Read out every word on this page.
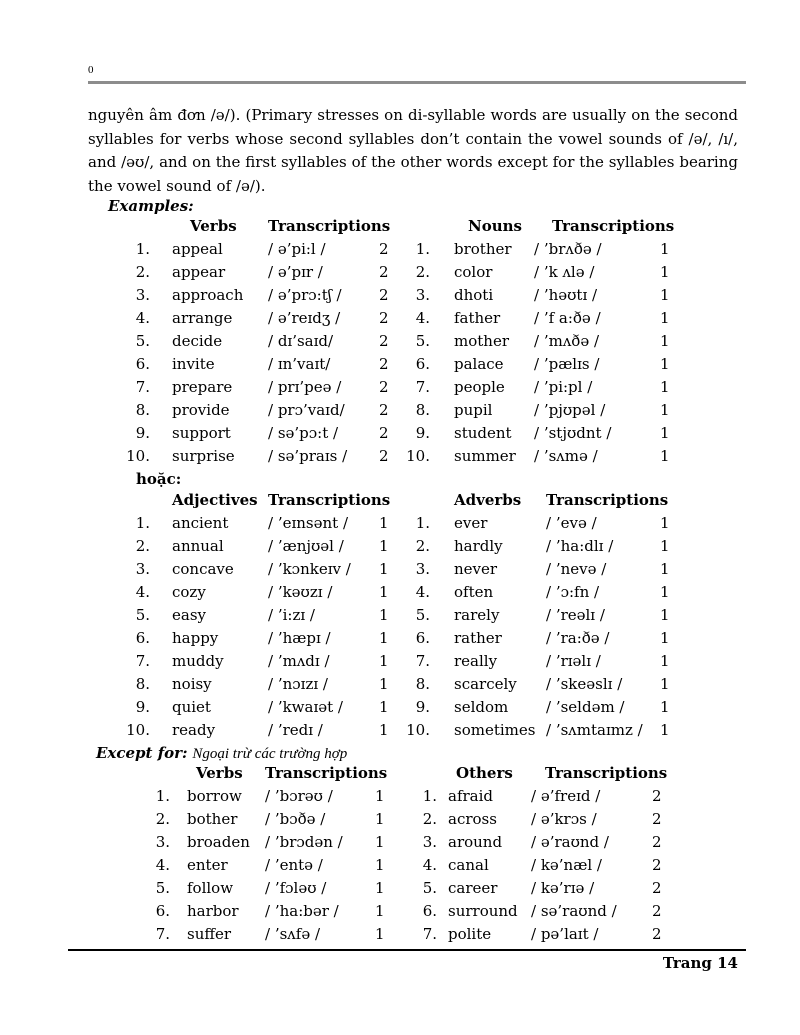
0
nguyên âm đơn /ə/). (Primary stresses on di-syllable words are usually on the second syllables for verbs whose second syllables don’t contain the vowel sounds of /ə/, /ı/, and /əʊ/, and on the first syllables of the other words except for the syllables bearing the vowel sound of /ə/).
Examples:
Verbs Transcriptions	Nouns Transcriptions
1. appeal	/ ə’pi:l /	2	1. brother / ’brʌðə /	1
2. appear	/ ə’pɪr /	2	2. color	/ ’k ʌlə /	1
3. approach / ə’prɔ:tʃ / 2	3. dhoti	/ ’həʊtɪ /	1
4. arrange / ə’reɪdʒ /	2	4. father / ’f a:ðə /	1
5. decide	/ dɪ’saɪd/	2	5. mother / ’mʌðə /	1
6. invite	/ ɪn’vaɪt/	2	6. palace / ’pælɪs /	1
7. prepare / prɪ’peə /	2	7. people / ’pi:pl /	1
8. provide	/ prɔ’vaɪd/ 2	8. pupil	/ ’pjʊpəl /	1
9. support / sə’pɔ:t /	2	9. student / ’stjʊdnt /	1
10. surprise / sə’praɪs / 2	10. summer / ’sʌmə /	1
hoặc:
Adjectives Transcriptions	Adverbs Transcriptions
1. ancient	/ ’eɪnsənt / 1	1. ever	/ ’evə /	1
2. annual	/ ’ænjʊəl / 1	2. hardly	/ ’ha:dlɪ /	1
3. concave / ’kɔnkeɪv / 1	3. never	/ ’nevə /	1
4. cozy	/ ’kəʊzɪ /	1	4. often	/ ’ɔ:fn /	1
5. easy	/ ’i:zɪ /	1	5. rarely	/ ’reəlɪ /	1
6. happy	/ ’hæpɪ /	1	6. rather	/ ’ra:ðə /	1
7. muddy	/ ’mʌdɪ /	1	7. really	/ ’rɪəlɪ /	1
8. noisy	/ ’nɔɪzɪ /	1	8. scarcely / ’skeəslɪ /	1
9. quiet	/ ’kwaɪət / 1	9. seldom	/ ’seldəm / 1
10. ready	/ ’redɪ /	1	10. sometimes / ’sʌmtaɪmz / 1
Except for: Ngoại trừ các trường hợp
Verbs Transcriptions	Others Transcriptions
1. borrow / ’bɔrəʊ /	1	1. afraid	/ ə’freɪd /	2
2. bother / ’bɔðə /	1	2. across / ə’krɔs /	2
3. broaden / ’brɔdən / 1	3. around / ə’raʊnd /	2
4. enter / ’entə /	1	4. canal	/ kə’næl /	2
5. follow / ’fɔləʊ /	1	5. career / kə’rɪə /	2
6. harbor / ’ha:bər / 1	6. surround / sə’raʊnd / 2
7. suffer / ’sʌfə /	1	7. polite	/ pə’laɪt /	2
Trang 14
